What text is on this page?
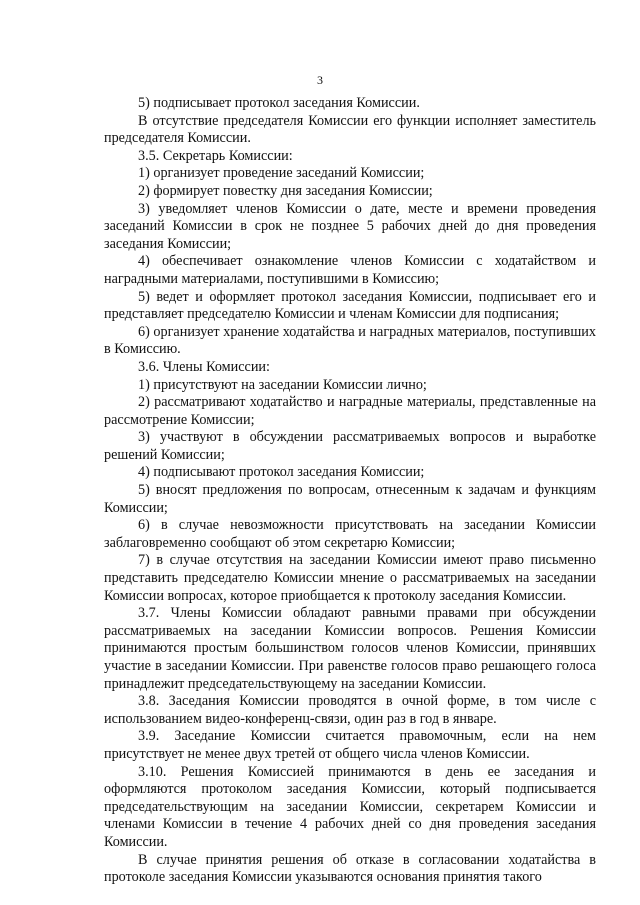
3

5) подписывает протокол заседания Комиссии.

В отсутствие председателя Комиссии его функции исполняет заместитель председателя Комиссии.

3.5. Секретарь Комиссии:

1) организует проведение заседаний Комиссии;

2) формирует повестку дня заседания Комиссии;

3) уведомляет членов Комиссии о дате, месте и времени проведения заседаний Комиссии в срок не позднее 5 рабочих дней до дня проведения заседания Комиссии;

4) обеспечивает ознакомление членов Комиссии с ходатайством и наградными материалами, поступившими в Комиссию;

5) ведет и оформляет протокол заседания Комиссии, подписывает его и представляет председателю Комиссии и членам Комиссии для подписания;

6) организует хранение ходатайства и наградных материалов, поступивших в Комиссию.

3.6. Члены Комиссии:

1) присутствуют на заседании Комиссии лично;

2) рассматривают ходатайство и наградные материалы, представленные на рассмотрение Комиссии;

3) участвуют в обсуждении рассматриваемых вопросов и выработке решений Комиссии;

4) подписывают протокол заседания Комиссии;

5) вносят предложения по вопросам, отнесенным к задачам и функциям Комиссии;

6) в случае невозможности присутствовать на заседании Комиссии заблаговременно сообщают об этом секретарю Комиссии;

7) в случае отсутствия на заседании Комиссии имеют право письменно представить председателю Комиссии мнение о рассматриваемых на заседании Комиссии вопросах, которое приобщается к протоколу заседания Комиссии.

3.7. Члены Комиссии обладают равными правами при обсуждении рассматриваемых на заседании Комиссии вопросов. Решения Комиссии принимаются простым большинством голосов членов Комиссии, принявших участие в заседании Комиссии. При равенстве голосов право решающего голоса принадлежит председательствующему на заседании Комиссии.

3.8. Заседания Комиссии проводятся в очной форме, в том числе с использованием видео-конференц-связи, один раз в год в январе.

3.9. Заседание Комиссии считается правомочным, если на нем присутствует не менее двух третей от общего числа членов Комиссии.

3.10. Решения Комиссией принимаются в день ее заседания и оформляются протоколом заседания Комиссии, который подписывается председательствующим на заседании Комиссии, секретарем Комиссии и членами Комиссии в течение 4 рабочих дней со дня проведения заседания Комиссии.

В случае принятия решения об отказе в согласовании ходатайства в протоколе заседания Комиссии указываются основания принятия такого
